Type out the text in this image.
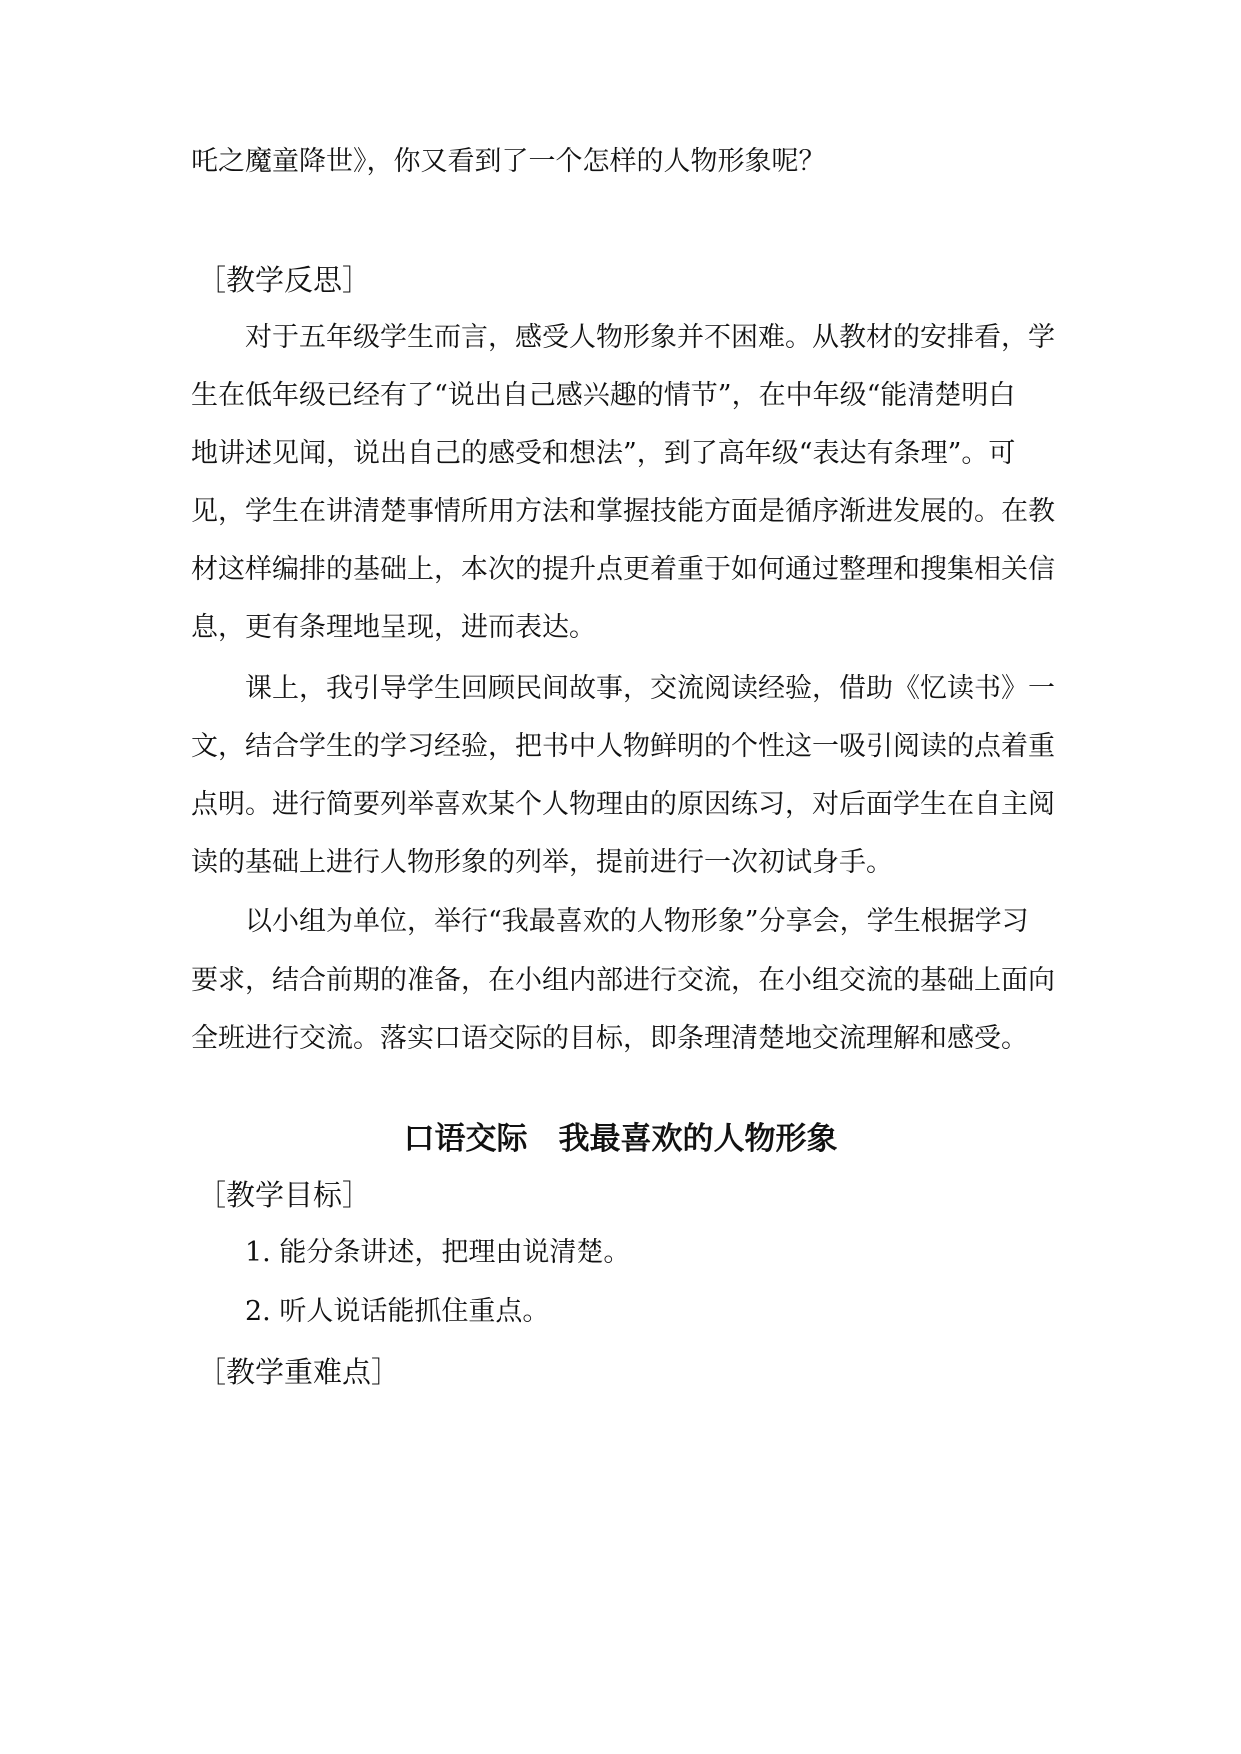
吒之魔童降世》，你又看到了一个怎样的人物形象呢？
［教学反思］
对于五年级学生而言，感受人物形象并不困难。从教材的安排看，学
生在低年级已经有了“说出自己感兴趣的情节”，在中年级“能清楚明白
地讲述见闻，说出自己的感受和想法”，到了高年级“表达有条理”。可
见，学生在讲清楚事情所用方法和掌握技能方面是循序渐进发展的。在教
材这样编排的基础上，本次的提升点更着重于如何通过整理和搜集相关信
息，更有条理地呈现，进而表达。
课上，我引导学生回顾民间故事，交流阅读经验，借助《忆读书》一
文，结合学生的学习经验，把书中人物鲜明的个性这一吸引阅读的点着重
点明。进行简要列举喜欢某个人物理由的原因练习，对后面学生在自主阅
读的基础上进行人物形象的列举，提前进行一次初试身手。
以小组为单位，举行“我最喜欢的人物形象”分享会，学生根据学习
要求，结合前期的准备，在小组内部进行交流，在小组交流的基础上面向
全班进行交流。落实口语交际的目标，即条理清楚地交流理解和感受。
口语交际　我最喜欢的人物形象
［教学目标］
1. 能分条讲述，把理由说清楚。
2. 听人说话能抓住重点。
［教学重难点］
